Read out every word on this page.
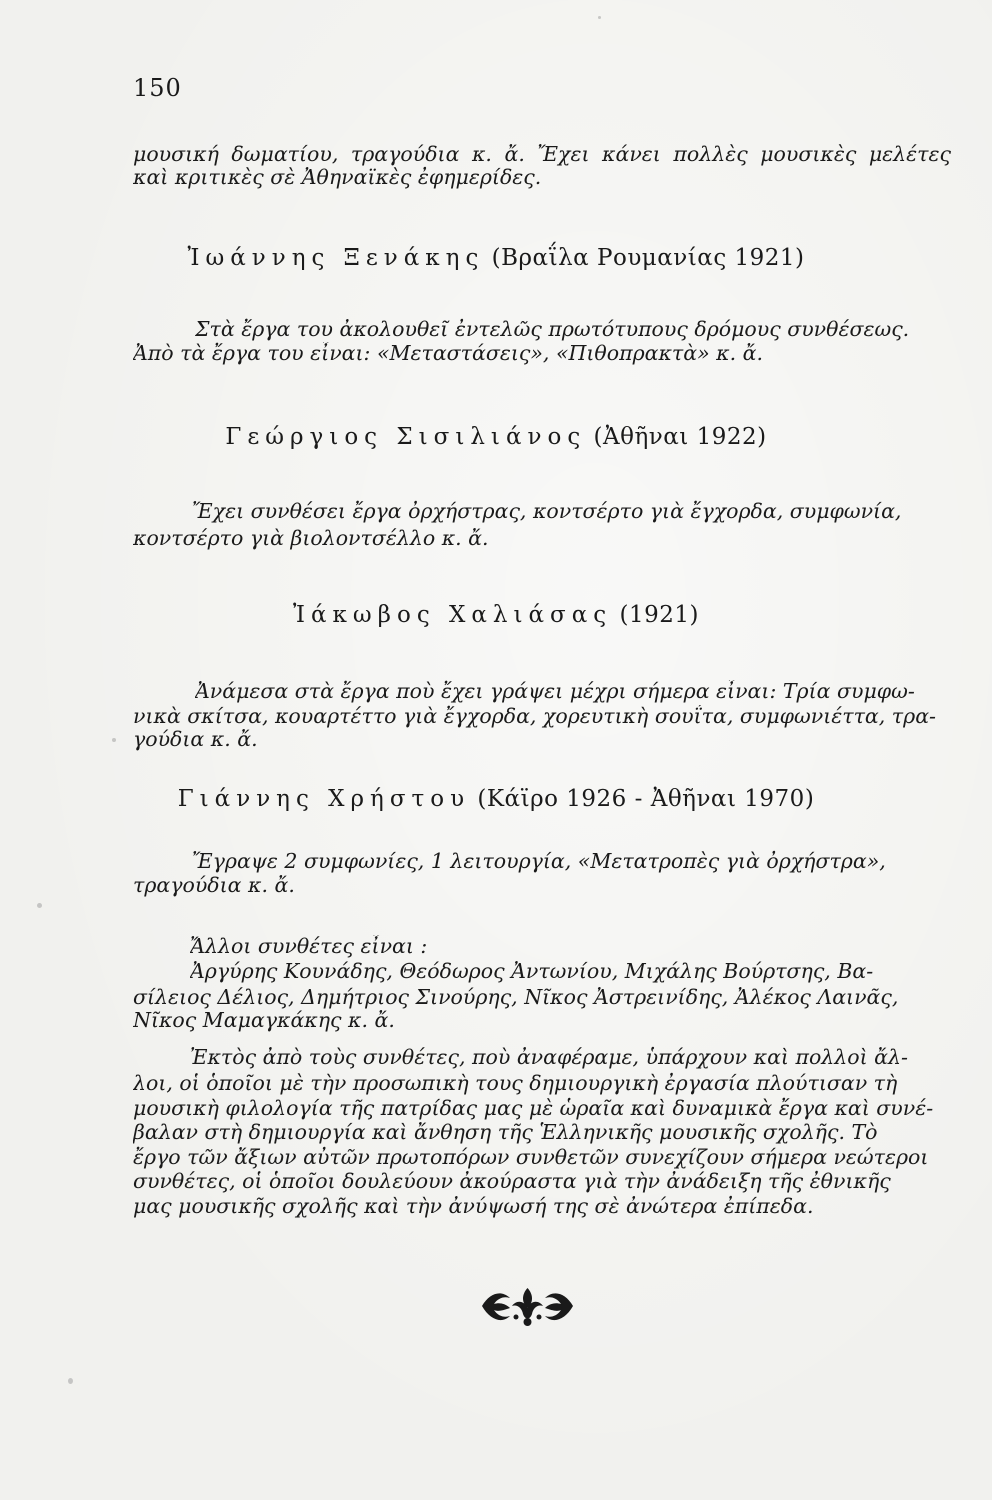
150
μουσική δωματίου, τραγούδια κ. ἄ. Ἔχει κάνει πολλὲς μουσικὲς μελέτες
καὶ κριτικὲς σὲ Ἀθηναϊκὲς ἐφημερίδες.
Ἰωάννης Ξενάκης (Βραΐλα Ρουμανίας 1921)
Στὰ ἔργα του ἀκολουθεῖ ἐντελῶς πρωτότυπους δρόμους συνθέσεως.
Ἀπὸ τὰ ἔργα του εἶναι: «Μεταστάσεις», «Πιθοπρακτὰ» κ. ἄ.
Γεώργιος Σισιλιάνος (Ἀθῆναι 1922)
Ἔχει συνθέσει ἔργα ὀρχήστρας, κοντσέρτο γιὰ ἔγχορδα, συμφωνία,
κοντσέρτο γιὰ βιολοντσέλλο κ. ἄ.
Ἰάκωβος Χαλιάσας (1921)
Ἀνάμεσα στὰ ἔργα ποὺ ἔχει γράψει μέχρι σήμερα εἶναι: Τρία συμφω-
νικὰ σκίτσα, κουαρτέττο γιὰ ἔγχορδα, χορευτικὴ σουΐτα, συμφωνιέττα, τρα-
γούδια κ. ἄ.
Γιάννης Χρήστου (Κάϊρο 1926 - Ἀθῆναι 1970)
Ἔγραψε 2 συμφωνίες, 1 λειτουργία, «Μετατροπὲς γιὰ ὀρχήστρα»,
τραγούδια κ. ἄ.
Ἄλλοι συνθέτες εἶναι :
Ἀργύρης Κουνάδης, Θεόδωρος Ἀντωνίου, Μιχάλης Βούρτσης, Βα-
σίλειος Δέλιος, Δημήτριος Σινούρης, Νῖκος Ἀστρεινίδης, Ἀλέκος Λαινᾶς,
Νῖκος Μαμαγκάκης κ. ἄ.
Ἐκτὸς ἀπὸ τοὺς συνθέτες, ποὺ ἀναφέραμε, ὑπάρχουν καὶ πολλοὶ ἄλ-
λοι, οἱ ὁποῖοι μὲ τὴν προσωπικὴ τους δημιουργικὴ ἐργασία πλούτισαν τὴ
μουσικὴ φιλολογία τῆς πατρίδας μας μὲ ὡραῖα καὶ δυναμικὰ ἔργα καὶ συνέ-
βαλαν στὴ δημιουργία καὶ ἄνθηση τῆς Ἑλληνικῆς μουσικῆς σχολῆς. Τὸ
ἔργο τῶν ἄξιων αὐτῶν πρωτοπόρων συνθετῶν συνεχίζουν σήμερα νεώτεροι
συνθέτες, οἱ ὁποῖοι δουλεύουν ἀκούραστα γιὰ τὴν ἀνάδειξη τῆς ἐθνικῆς
μας μουσικῆς σχολῆς καὶ τὴν ἀνύψωσή της σὲ ἀνώτερα ἐπίπεδα.
